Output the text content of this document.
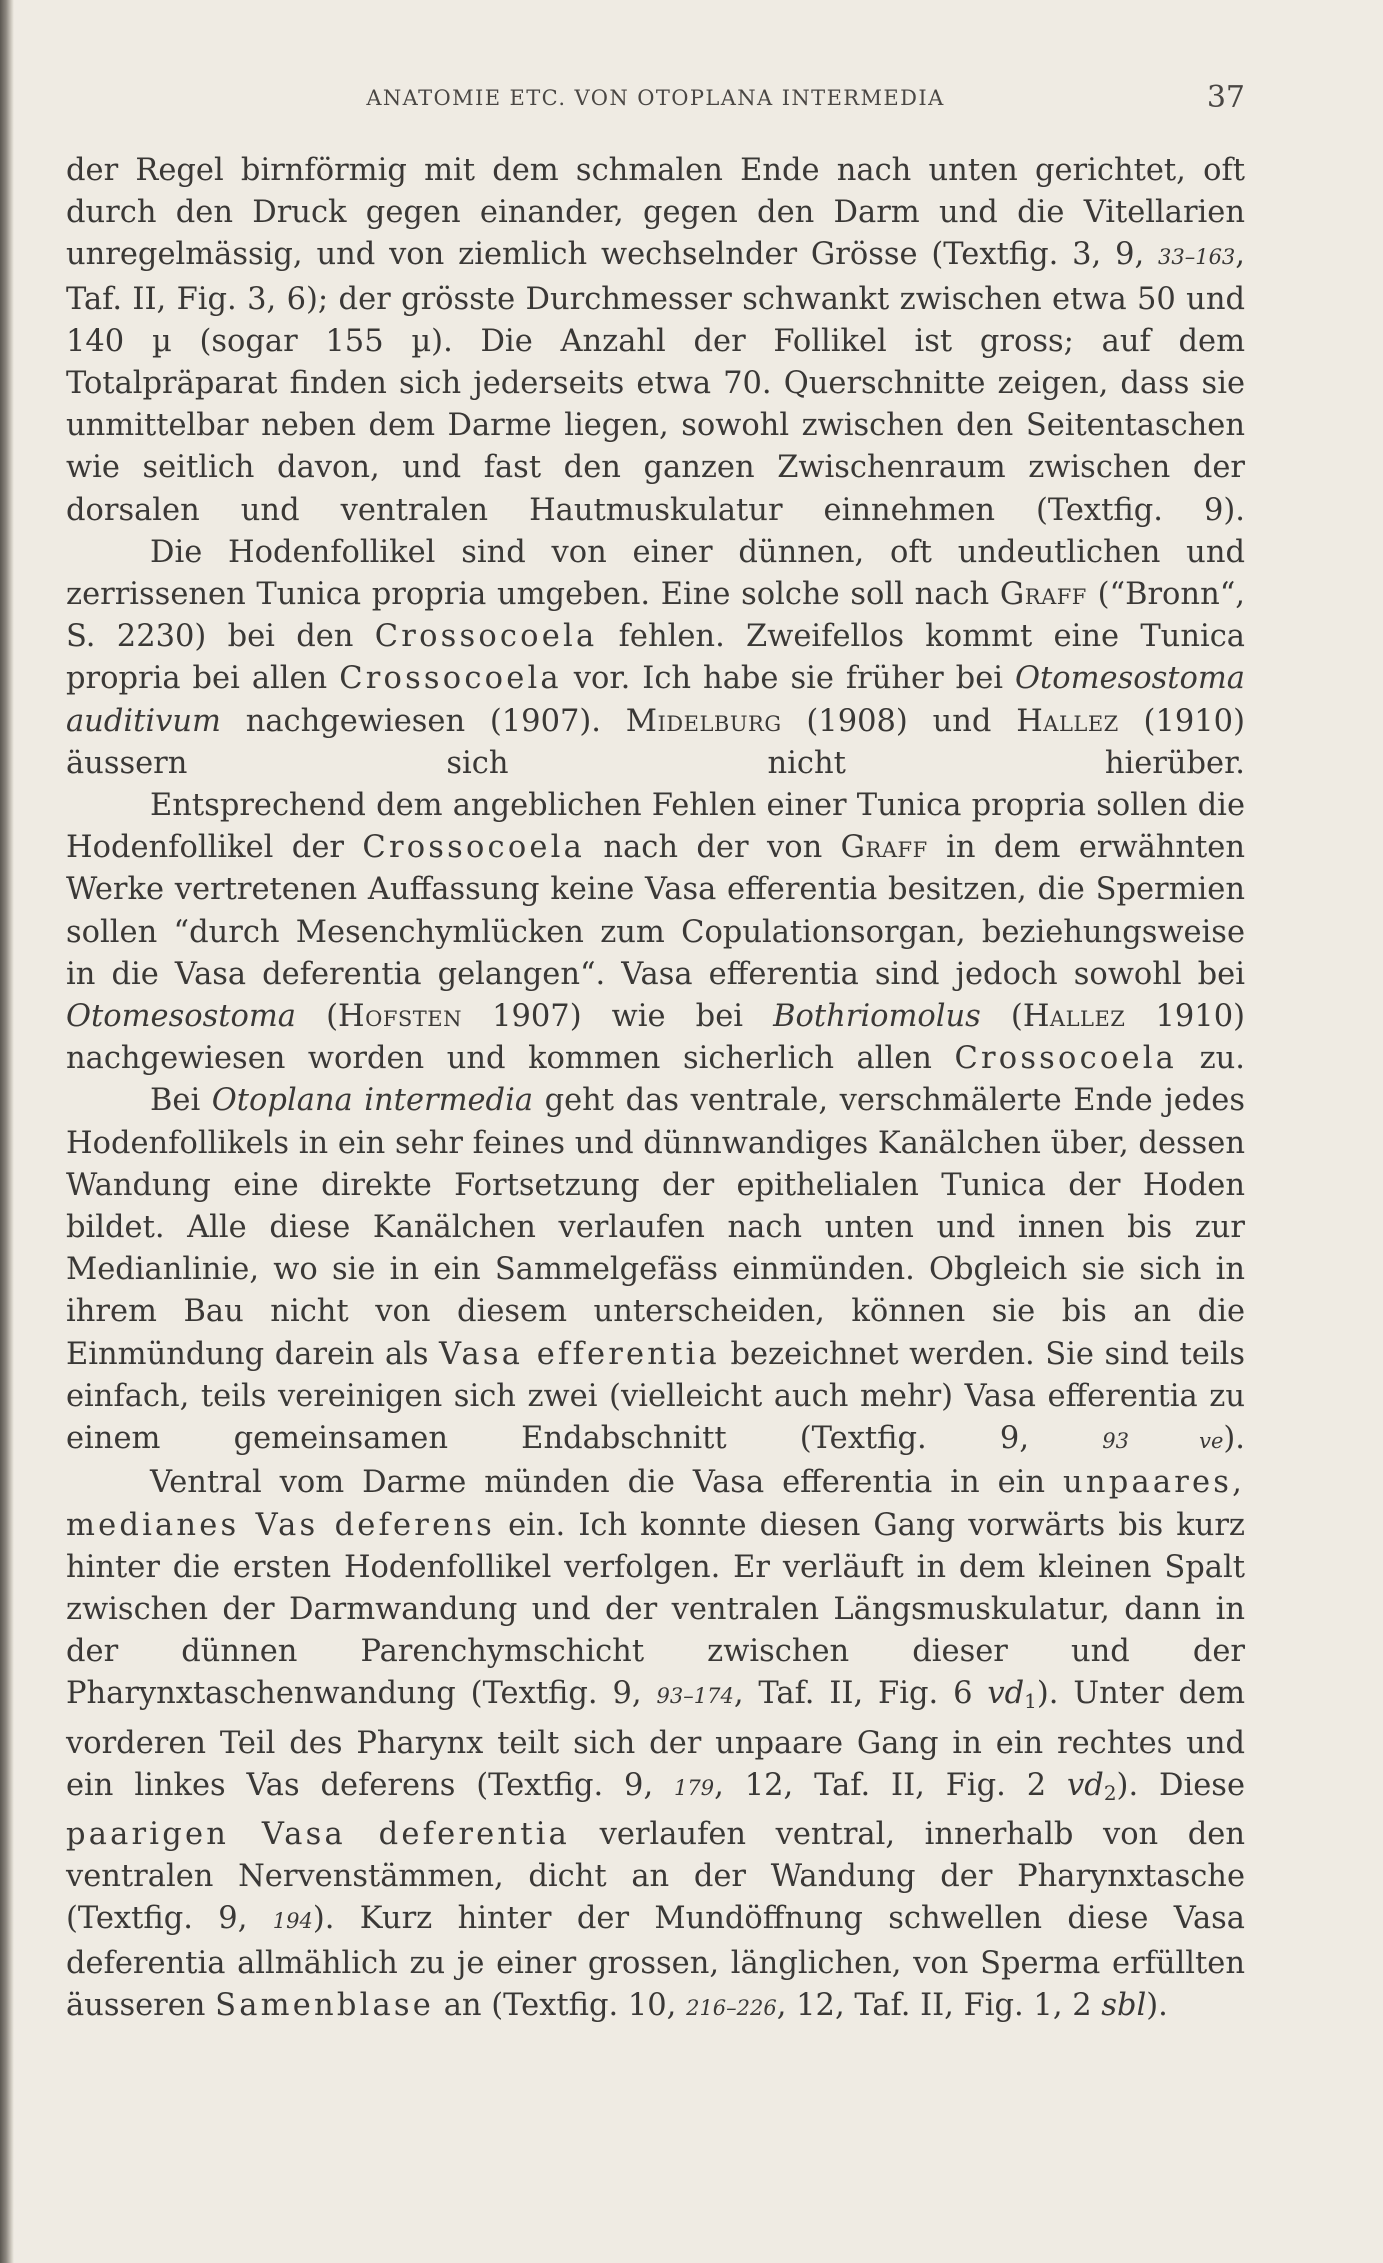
ANATOMIE ETC. VON OTOPLANA INTERMEDIA	37

der Regel birnförmig mit dem schmalen Ende nach unten gerichtet, oft durch den Druck gegen einander, gegen den Darm und die Vitellarien unregelmässig, und von ziemlich wechselnder Grösse (Textfig. 3, 9, 33–163, Taf. II, Fig. 3, 6); der grösste Durchmesser schwankt zwischen etwa 50 und 140 µ (sogar 155 µ). Die Anzahl der Follikel ist gross; auf dem Totalpräparat finden sich jederseits etwa 70. Querschnitte zeigen, dass sie unmittelbar neben dem Darme liegen, sowohl zwischen den Seitentaschen wie seitlich davon, und fast den ganzen Zwischenraum zwischen der dorsalen und ventralen Hautmuskulatur einnehmen (Textfig. 9).

Die Hodenfollikel sind von einer dünnen, oft undeutlichen und zerrissenen Tunica propria umgeben. Eine solche soll nach Graff (“Bronn“, S. 2230) bei den Crossocoela fehlen. Zweifellos kommt eine Tunica propria bei allen Crossocoela vor. Ich habe sie früher bei Otomesostoma auditivum nachgewiesen (1907). Midelburg (1908) und Hallez (1910) äussern sich nicht hierüber.

Entsprechend dem angeblichen Fehlen einer Tunica propria sollen die Hodenfollikel der Crossocoela nach der von Graff in dem erwähnten Werke vertretenen Auffassung keine Vasa efferentia besitzen, die Spermien sollen “durch Mesenchymlücken zum Copulationsorgan, beziehungsweise in die Vasa deferentia gelangen“. Vasa efferentia sind jedoch sowohl bei Otomesostoma (Hofsten 1907) wie bei Bothriomolus (Hallez 1910) nachgewiesen worden und kommen sicherlich allen Crossocoela zu.

Bei Otoplana intermedia geht das ventrale, verschmälerte Ende jedes Hodenfollikels in ein sehr feines und dünnwandiges Kanälchen über, dessen Wandung eine direkte Fortsetzung der epithelialen Tunica der Hoden bildet. Alle diese Kanälchen verlaufen nach unten und innen bis zur Medianlinie, wo sie in ein Sammelgefäss einmünden. Obgleich sie sich in ihrem Bau nicht von diesem unterscheiden, können sie bis an die Einmündung darein als Vasa efferentia bezeichnet werden. Sie sind teils einfach, teils vereinigen sich zwei (vielleicht auch mehr) Vasa efferentia zu einem gemeinsamen Endabschnitt (Textfig. 9, 93 ve).

Ventral vom Darme münden die Vasa efferentia in ein unpaares, medianes Vas deferens ein. Ich konnte diesen Gang vorwärts bis kurz hinter die ersten Hodenfollikel verfolgen. Er verläuft in dem kleinen Spalt zwischen der Darmwandung und der ventralen Längsmuskulatur, dann in der dünnen Parenchymschicht zwischen dieser und der Pharynxtaschenwandung (Textfig. 9, 93–174, Taf. II, Fig. 6 $vd_1$). Unter dem vorderen Teil des Pharynx teilt sich der unpaare Gang in ein rechtes und ein linkes Vas deferens (Textfig. 9, 179, 12, Taf. II, Fig. 2 $vd_2$). Diese paarigen Vasa deferentia verlaufen ventral, innerhalb von den ventralen Nervenstämmen, dicht an der Wandung der Pharynxtasche (Textfig. 9, 194). Kurz hinter der Mundöffnung schwellen diese Vasa deferentia allmählich zu je einer grossen, länglichen, von Sperma erfüllten äusseren Samenblase an (Textfig. 10, 216–226, 12, Taf. II, Fig. 1, 2 sbl).
